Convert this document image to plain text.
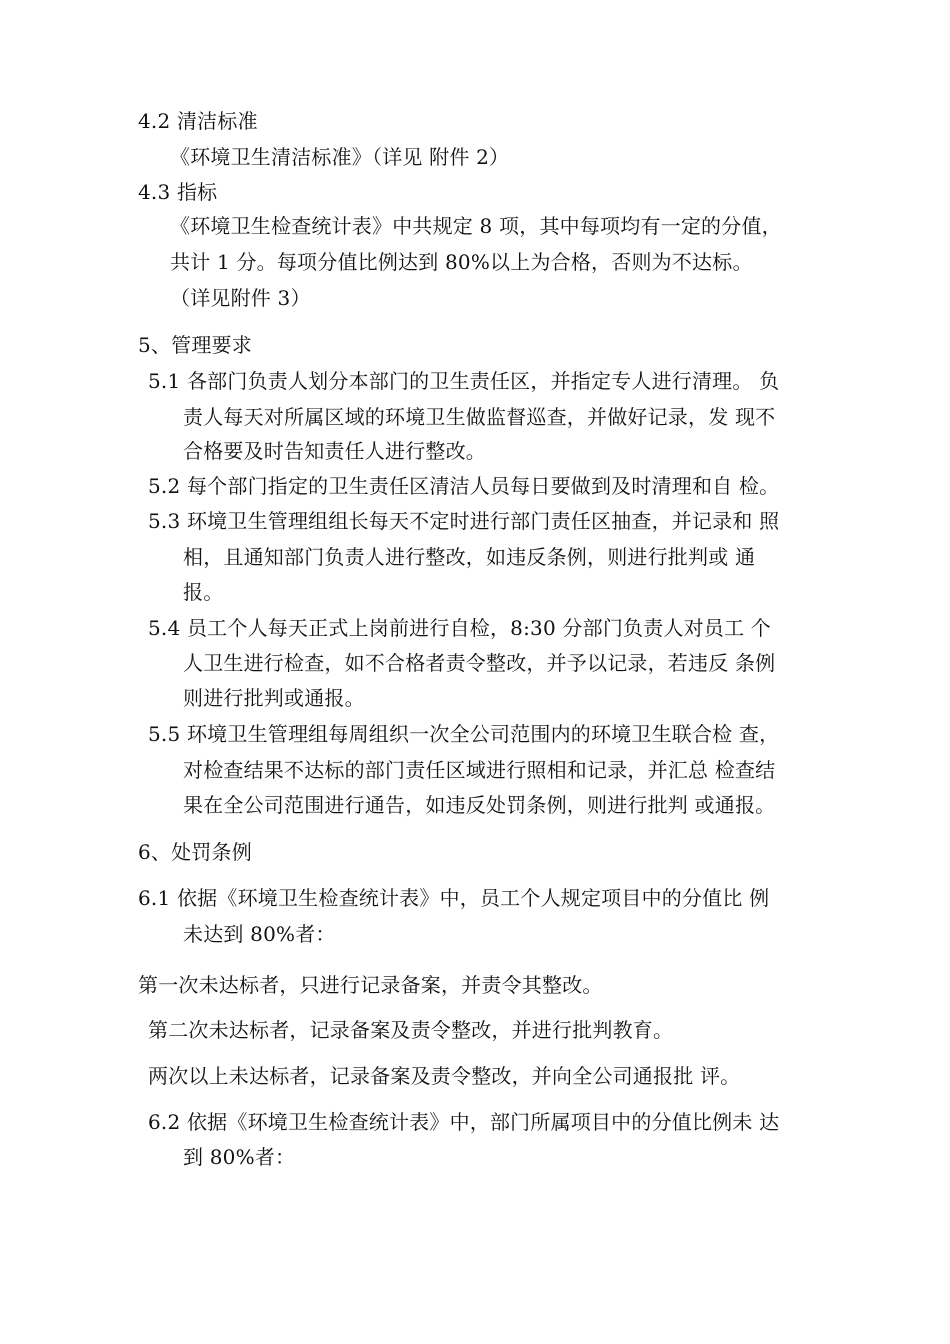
4.2 清洁标准
《环境卫生清洁标准》（详见 附件 2）
4.3 指标
《环境卫生检查统计表》中共规定 8 项，其中每项均有一定的分值，
共计 1 分。每项分值比例达到 80%以上为合格，否则为不达标。
（详见附件 3）
5、管理要求
5.1 各部门负责人划分本部门的卫生责任区，并指定专人进行清理。 负
责人每天对所属区域的环境卫生做监督巡查，并做好记录，发 现不
合格要及时告知责任人进行整改。
5.2 每个部门指定的卫生责任区清洁人员每日要做到及时清理和自 检。
5.3 环境卫生管理组组长每天不定时进行部门责任区抽查，并记录和 照
相，且通知部门负责人进行整改，如违反条例，则进行批判或 通
报。
5.4 员工个人每天正式上岗前进行自检，8:30 分部门负责人对员工 个
人卫生进行检查，如不合格者责令整改，并予以记录，若违反 条例
则进行批判或通报。
5.5 环境卫生管理组每周组织一次全公司范围内的环境卫生联合检 查，
对检查结果不达标的部门责任区域进行照相和记录，并汇总 检查结
果在全公司范围进行通告，如违反处罚条例，则进行批判 或通报。
6、处罚条例
6.1 依据《环境卫生检查统计表》中，员工个人规定项目中的分值比 例
未达到 80%者：
第一次未达标者，只进行记录备案，并责令其整改。
第二次未达标者，记录备案及责令整改，并进行批判教育。
两次以上未达标者，记录备案及责令整改，并向全公司通报批 评。
6.2 依据《环境卫生检查统计表》中，部门所属项目中的分值比例未 达
到 80%者：
